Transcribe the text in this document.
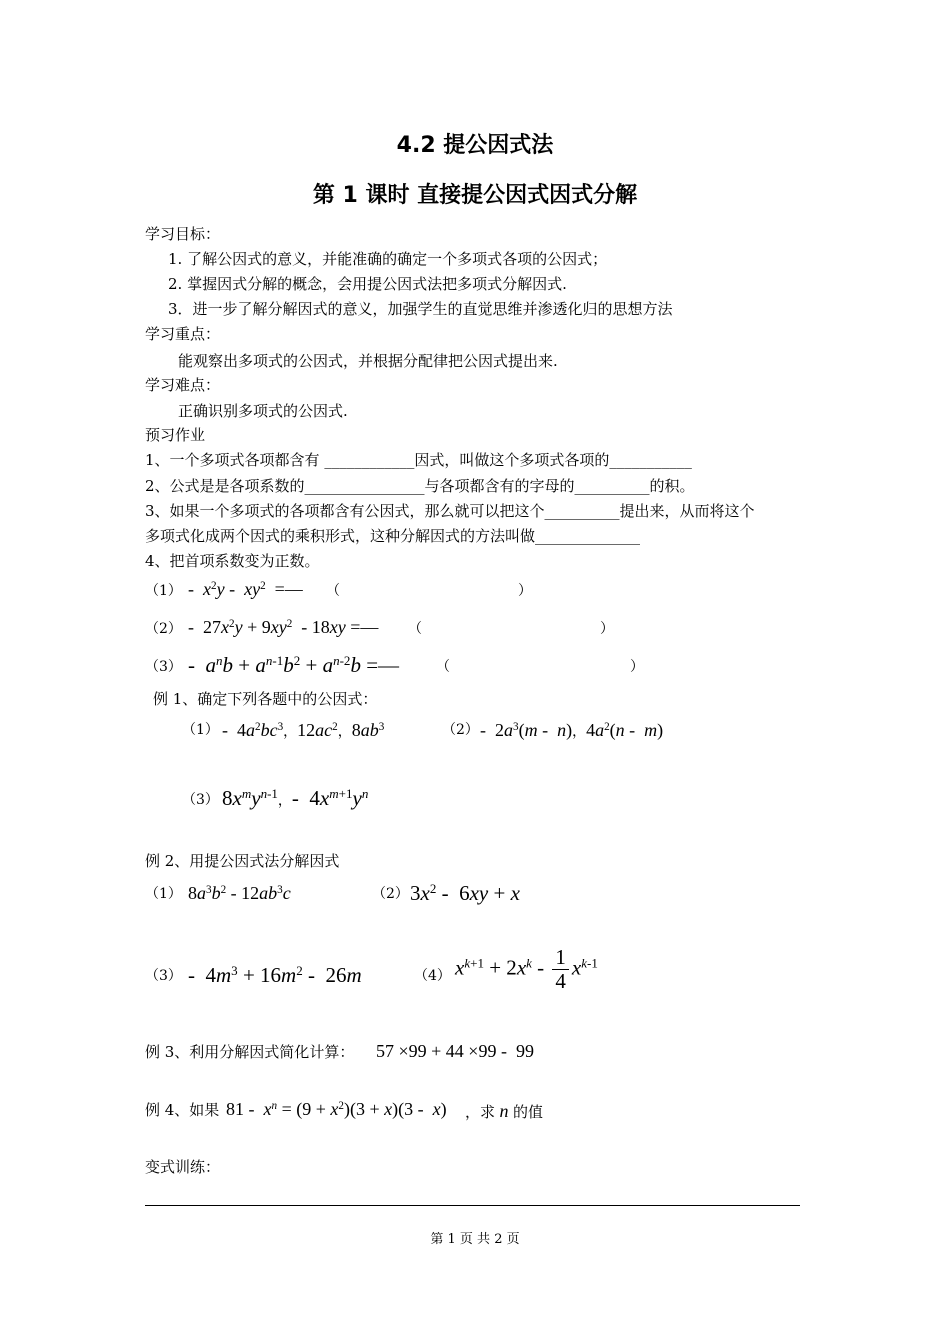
4.2 提公因式法
第 1 课时 直接提公因式因式分解
学习目标：
1. 了解公因式的意义，并能准确的确定一个多项式各项的公因式；
2. 掌握因式分解的概念，会用提公因式法把多项式分解因式.
3．进一步了解分解因式的意义，加强学生的直觉思维并渗透化归的思想方法
学习重点：
能观察出多项式的公因式，并根据分配律把公因式提出来.
学习难点：
正确识别多项式的公因式.
预习作业
1、一个多项式各项都含有 ____________因式，叫做这个多项式各项的___________
2、公式是是各项系数的________________与各项都含有的字母的__________的积。
3、如果一个多项式的各项都含有公因式，那么就可以把这个__________提出来，从而将这个
多项式化成两个因式的乘积形式，这种分解因式的方法叫做______________
4、把首项系数变为正数。
$(1) - x^2y - xy^2$  =— （	）
$(2) - 27x^2y + 9xy^2 - 18xy$ =— （	）
$(3) - a^nb + a^{n-1}b^2 + a^{n-2}b$ =—	（	）
例 1、确定下列各题中的公因式：
$(1) - 4a^2bc^3$，$12ac^2$，$8ab^3$	$(2) - 2a^3(m - n)$，$4a^2(n - m)$
（3） $8x^my^{n-1}$，-  $4x^{m+1}y^n$
例 2、用提公因式法分解因式
（1） $8a^3b^2 - 12ab^3c$	（2） $3x^2 - 6xy + x$
$(3) - 4m^3 + 16m^2 - 26m$	（4） $x^{k+1} + 2x^k - \frac{1}{4} x^{k-1}$
例 3、利用分解因式简化计算： 57 ×99 + 44 ×99 -  99
例 4、如果 $81 - x^n = (9 + x^2)(3 + x)(3 - x)$ ，求 n 的值
变式训练：
第 1 页 共 2 页
